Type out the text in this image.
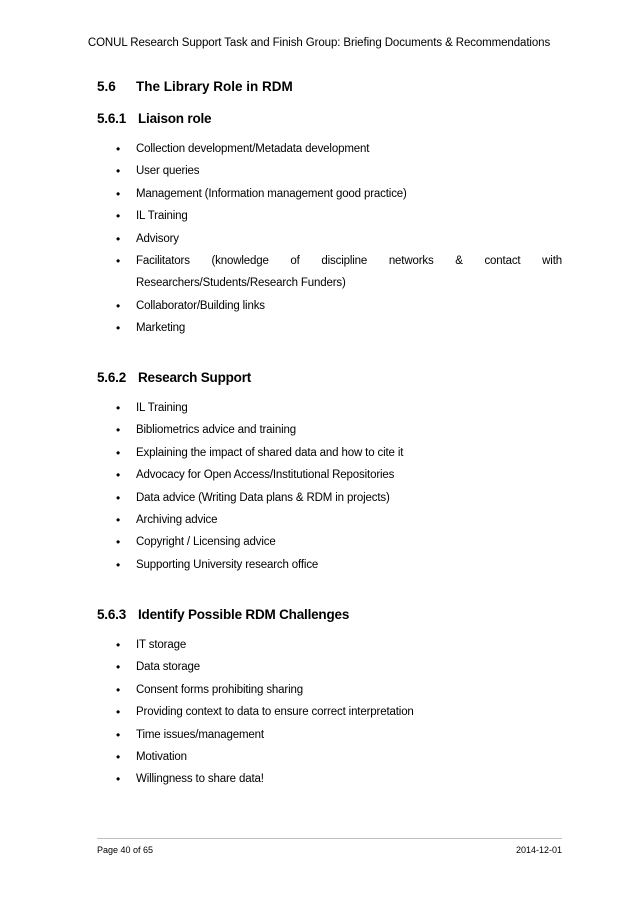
CONUL Research Support Task and Finish Group: Briefing Documents & Recommendations
5.6 The Library Role in RDM
5.6.1 Liaison role
• Collection development/Metadata development
• User queries
• Management (Information management good practice)
• IL Training
• Advisory
• Facilitators (knowledge of discipline networks & contact with
Researchers/Students/Research Funders)
• Collaborator/Building links
• Marketing
5.6.2 Research Support
• IL Training
• Bibliometrics advice and training
• Explaining the impact of shared data and how to cite it
• Advocacy for Open Access/Institutional Repositories
• Data advice (Writing Data plans & RDM in projects)
• Archiving advice
• Copyright / Licensing advice
• Supporting University research office
5.6.3 Identify Possible RDM Challenges
• IT storage
• Data storage
• Consent forms prohibiting sharing
• Providing context to data to ensure correct interpretation
• Time issues/management
• Motivation
• Willingness to share data!
Page 40 of 65	2014-12-01
